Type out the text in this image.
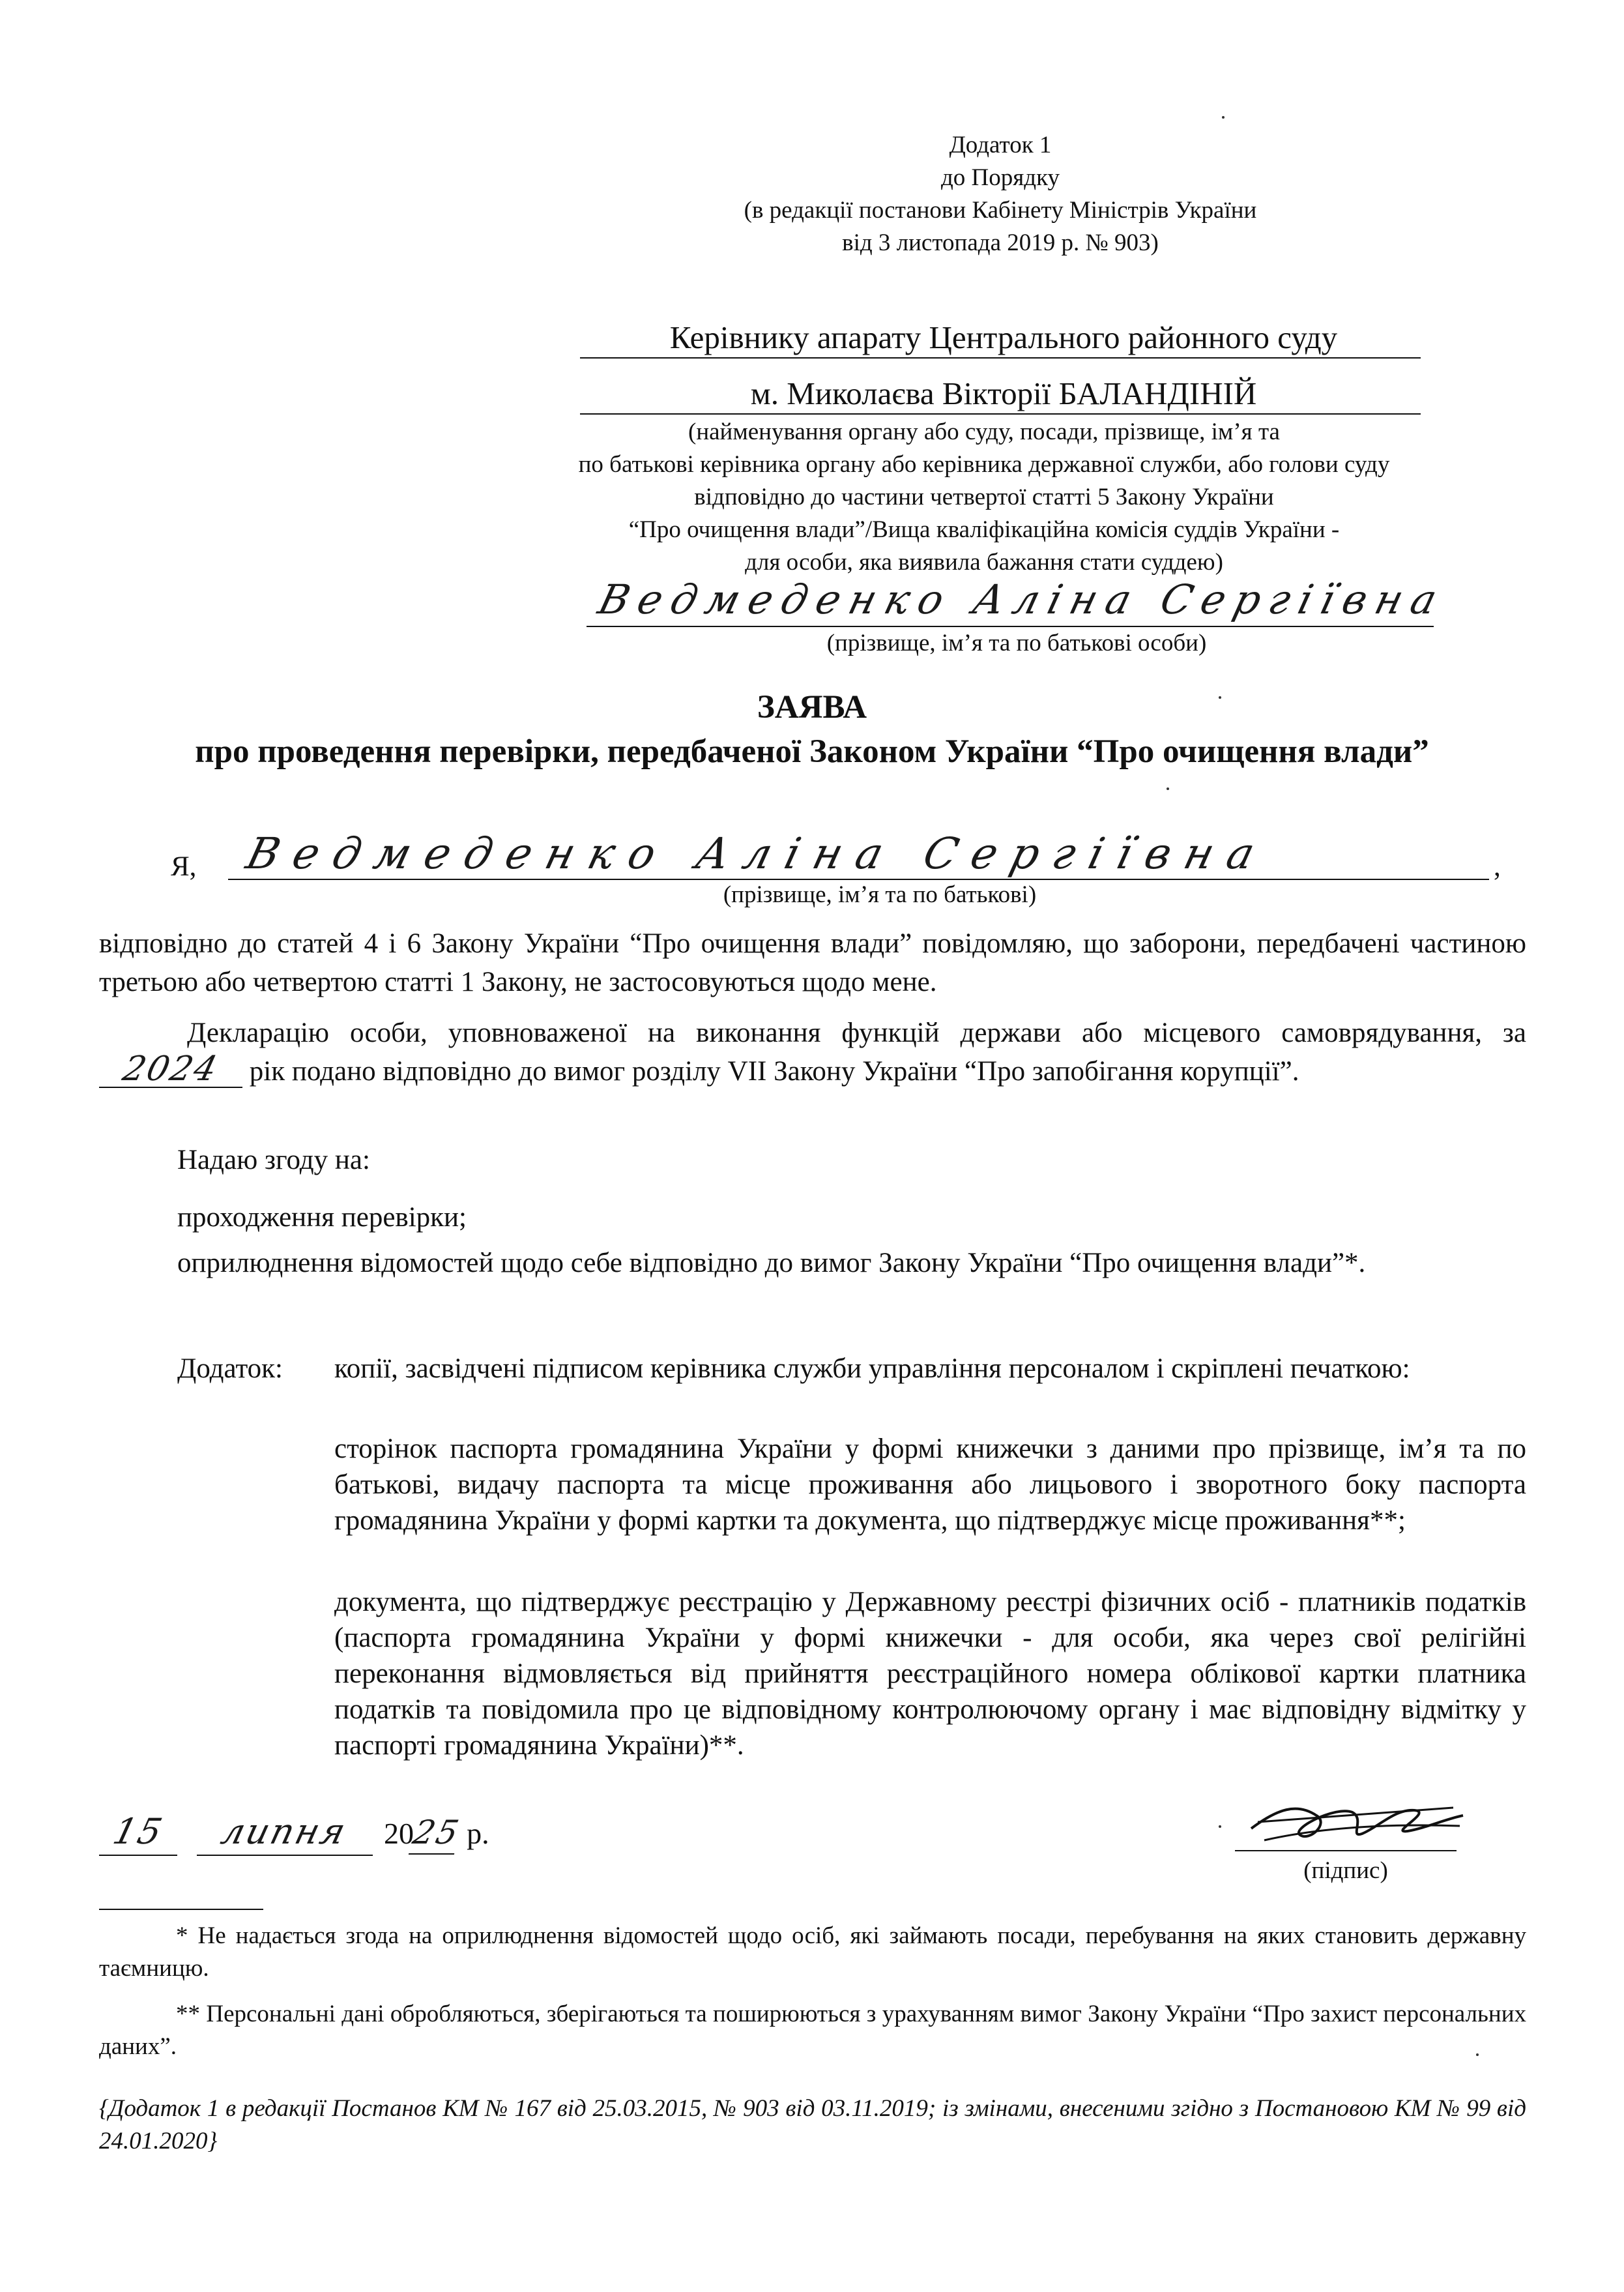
Додаток 1
до Порядку
(в редакції постанови Кабінету Міністрів України
від 3 листопада 2019 р. № 903)
Керівнику апарату Центрального районного суду
м. Миколаєва Вікторії БАЛАНДІНІЙ
(найменування органу або суду, посади, прізвище, ім’я та
по батькові керівника органу або керівника державної служби, або голови суду
відповідно до частини четвертої статті 5 Закону України
“Про очищення влади”/Вища кваліфікаційна комісія суддів України -
для особи, яка виявила бажання стати суддею)
Ведмеденко Аліна Сергіївна
(прізвище, ім’я та по батькові особи)
ЗАЯВА
про проведення перевірки, передбаченої Законом України “Про очищення влади”
Я, Ведмеденко Аліна Сергіївна	,
(прізвище, ім’я та по батькові)
відповідно до статей 4 і 6 Закону України “Про очищення влади” повідомляю, що заборони, передбачені частиною третьою або четвертою статті 1 Закону, не застосовуються щодо мене.
Декларацію особи, уповноваженої на виконання функцій держави або місцевого самоврядування, за 2024 рік подано відповідно до вимог розділу VII Закону України “Про запобігання корупції”.
Надаю згоду на:
проходження перевірки;
оприлюднення відомостей щодо себе відповідно до вимог Закону України “Про очищення влади”*.
Додаток:	копії, засвідчені підписом керівника служби управління персоналом і скріплені печаткою:
сторінок паспорта громадянина України у формі книжечки з даними про прізвище, ім’я та по батькові, видачу паспорта та місце проживання або лицьового і зворотного боку паспорта громадянина України у формі картки та документа, що підтверджує місце проживання**;
документа, що підтверджує реєстрацію у Державному реєстрі фізичних осіб - платників податків (паспорта громадянина України у формі книжечки - для особи, яка через свої релігійні переконання відмовляється від прийняття реєстраційного номера облікової картки платника податків та повідомила про це відповідному контролюючому органу і має відповідну відмітку у паспорті громадянина України)**.
15 липня 2025 р.
(підпис)
* Не надається згода на оприлюднення відомостей щодо осіб, які займають посади, перебування на яких становить державну таємницю.
** Персональні дані обробляються, зберігаються та поширюються з урахуванням вимог Закону України “Про захист персональних даних”.
{Додаток 1 в редакції Постанов КМ № 167 від 25.03.2015, № 903 від 03.11.2019; із змінами, внесеними згідно з Постановою КМ № 99 від 24.01.2020}
